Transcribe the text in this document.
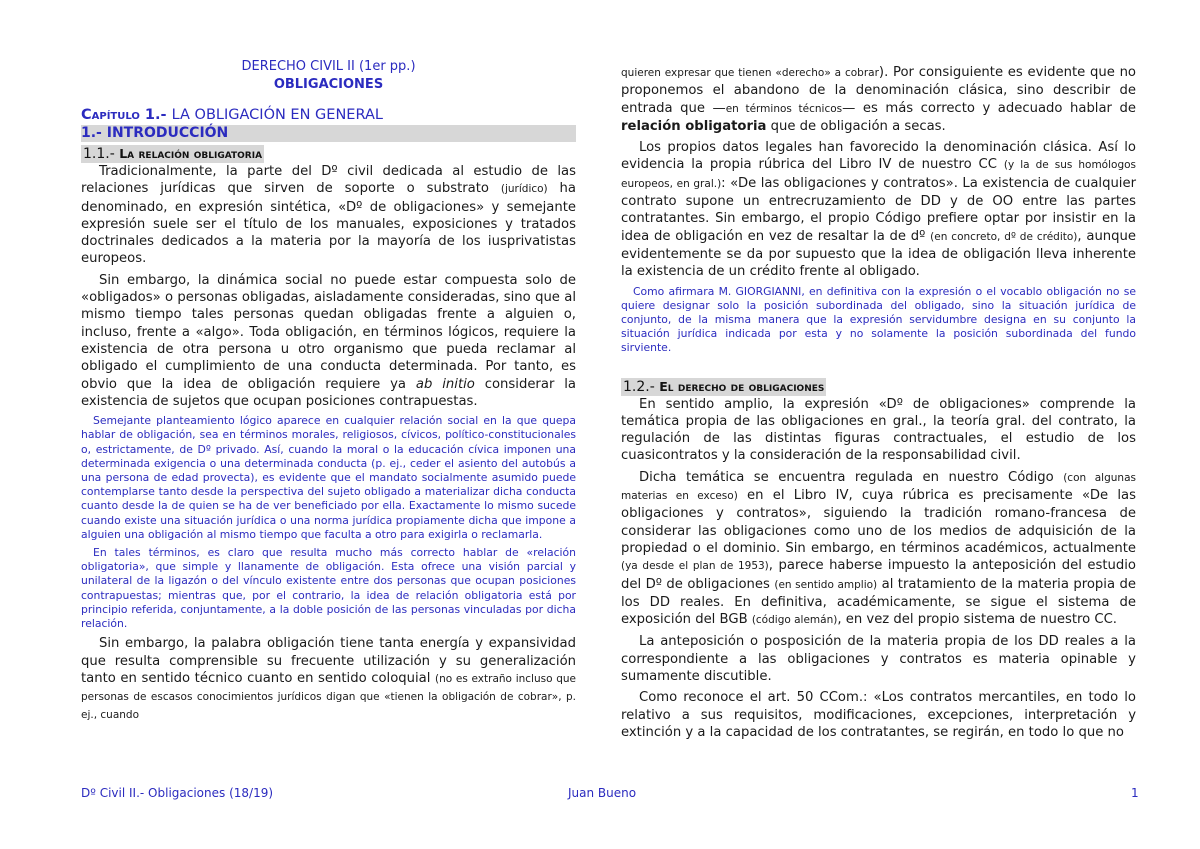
DERECHO CIVIL II (1er pp.)
OBLIGACIONES
Capítulo 1.- LA OBLIGACIÓN EN GENERAL
1.- INTRODUCCIÓN
1.1.- La relación obligatoria

Tradicionalmente, la parte del Dº civil dedicada al estudio de las relaciones jurídicas que sirven de soporte o substrato (jurídico) ha denominado, en expresión sintética, «Dº de obligaciones» y semejante expresión suele ser el título de los manuales, exposiciones y tratados doctrinales dedicados a la materia por la mayoría de los iusprivatistas europeos.

Sin embargo, la dinámica social no puede estar compuesta solo de «obligados» o personas obligadas, aisladamente consideradas, sino que al mismo tiempo tales personas quedan obligadas frente a alguien o, incluso, frente a «algo». Toda obligación, en términos lógicos, requiere la existencia de otra persona u otro organismo que pueda reclamar al obligado el cumplimiento de una conducta determinada. Por tanto, es obvio que la idea de obligación requiere ya ab initio considerar la existencia de sujetos que ocupan posiciones contrapuestas.

Semejante planteamiento lógico aparece en cualquier relación social en la que quepa hablar de obligación, sea en términos morales, religiosos, cívicos, político-constitucionales o, estrictamente, de Dº privado. Así, cuando la moral o la educación cívica imponen una determinada exigencia o una determinada conducta (p. ej., ceder el asiento del autobús a una persona de edad provecta), es evidente que el mandato socialmente asumido puede contemplarse tanto desde la perspectiva del sujeto obligado a materializar dicha conducta cuanto desde la de quien se ha de ver beneficiado por ella. Exactamente lo mismo sucede cuando existe una situación jurídica o una norma jurídica propiamente dicha que impone a alguien una obligación al mismo tiempo que faculta a otro para exigirla o reclamarla.

En tales términos, es claro que resulta mucho más correcto hablar de «relación obligatoria», que simple y llanamente de obligación. Esta ofrece una visión parcial y unilateral de la ligazón o del vínculo existente entre dos personas que ocupan posiciones contrapuestas; mientras que, por el contrario, la idea de relación obligatoria está por principio referida, conjuntamente, a la doble posición de las personas vinculadas por dicha relación.

Sin embargo, la palabra obligación tiene tanta energía y expansividad que resulta comprensible su frecuente utilización y su generalización tanto en sentido técnico cuanto en sentido coloquial (no es extraño incluso que personas de escasos conocimientos jurídicos digan que «tienen la obligación de cobrar», p. ej., cuando

quieren expresar que tienen «derecho» a cobrar). Por consiguiente es evidente que no proponemos el abandono de la denominación clásica, sino describir de entrada que —en términos técnicos— es más correcto y adecuado hablar de relación obligatoria que de obligación a secas.

Los propios datos legales han favorecido la denominación clásica. Así lo evidencia la propia rúbrica del Libro IV de nuestro CC (y la de sus homólogos europeos, en gral.): «De las obligaciones y contratos». La existencia de cualquier contrato supone un entrecruzamiento de DD y de OO entre las partes contratantes. Sin embargo, el propio Código prefiere optar por insistir en la idea de obligación en vez de resaltar la de dº (en concreto, dº de crédito), aunque evidentemente se da por supuesto que la idea de obligación lleva inherente la existencia de un crédito frente al obligado.

Como afirmara M. GIORGIANNI, en definitiva con la expresión o el vocablo obligación no se quiere designar solo la posición subordinada del obligado, sino la situación jurídica de conjunto, de la misma manera que la expresión servidumbre designa en su conjunto la situación jurídica indicada por esta y no solamente la posición subordinada del fundo sirviente.

1.2.- El derecho de obligaciones

En sentido amplio, la expresión «Dº de obligaciones» comprende la temática propia de las obligaciones en gral., la teoría gral. del contrato, la regulación de las distintas figuras contractuales, el estudio de los cuasicontratos y la consideración de la responsabilidad civil.

Dicha temática se encuentra regulada en nuestro Código (con algunas materias en exceso) en el Libro IV, cuya rúbrica es precisamente «De las obligaciones y contratos», siguiendo la tradición romano-francesa de considerar las obligaciones como uno de los medios de adquisición de la propiedad o el dominio. Sin embargo, en términos académicos, actualmente (ya desde el plan de 1953), parece haberse impuesto la anteposición del estudio del Dº de obligaciones (en sentido amplio) al tratamiento de la materia propia de los DD reales. En definitiva, académicamente, se sigue el sistema de exposición del BGB (código alemán), en vez del propio sistema de nuestro CC.

La anteposición o posposición de la materia propia de los DD reales a la correspondiente a las obligaciones y contratos es materia opinable y sumamente discutible.

Como reconoce el art. 50 CCom.: «Los contratos mercantiles, en todo lo relativo a sus requisitos, modificaciones, excepciones, interpretación y extinción y a la capacidad de los contratantes, se regirán, en todo lo que no

Dº Civil II.- Obligaciones (18/19)	Juan Bueno	1
